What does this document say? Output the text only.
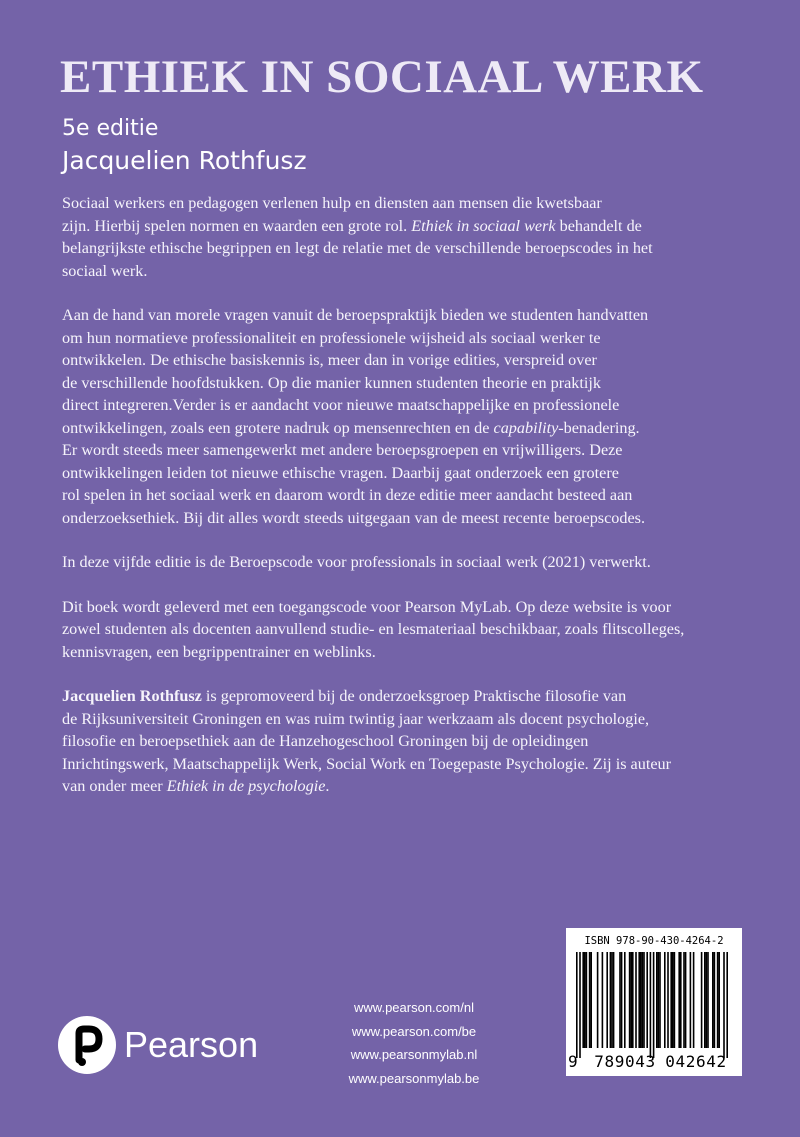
ETHIEK IN SOCIAAL WERK
5e editie
Jacquelien Rothfusz

Sociaal werkers en pedagogen verlenen hulp en diensten aan mensen die kwetsbaar
zijn. Hierbij spelen normen en waarden een grote rol. Ethiek in sociaal werk behandelt de
belangrijkste ethische begrippen en legt de relatie met de verschillende beroepscodes in het
sociaal werk.

Aan de hand van morele vragen vanuit de beroepspraktijk bieden we studenten handvatten
om hun normatieve professionaliteit en professionele wijsheid als sociaal werker te
ontwikkelen. De ethische basiskennis is, meer dan in vorige edities, verspreid over
de verschillende hoofdstukken. Op die manier kunnen studenten theorie en praktijk
direct integreren.Verder is er aandacht voor nieuwe maatschappelijke en professionele
ontwikkelingen, zoals een grotere nadruk op mensenrechten en de capability-benadering.
Er wordt steeds meer samengewerkt met andere beroepsgroepen en vrijwilligers. Deze
ontwikkelingen leiden tot nieuwe ethische vragen. Daarbij gaat onderzoek een grotere
rol spelen in het sociaal werk en daarom wordt in deze editie meer aandacht besteed aan
onderzoeksethiek. Bij dit alles wordt steeds uitgegaan van de meest recente beroepscodes.

In deze vijfde editie is de Beroepscode voor professionals in sociaal werk (2021) verwerkt.

Dit boek wordt geleverd met een toegangscode voor Pearson MyLab. Op deze website is voor
zowel studenten als docenten aanvullend studie- en lesmateriaal beschikbaar, zoals flitscolleges,
kennisvragen, een begrippentrainer en weblinks.

Jacquelien Rothfusz is gepromoveerd bij de onderzoeksgroep Praktische filosofie van
de Rijksuniversiteit Groningen en was ruim twintig jaar werkzaam als docent psychologie,
filosofie en beroepsethiek aan de Hanzehogeschool Groningen bij de opleidingen
Inrichtingswerk, Maatschappelijk Werk, Social Work en Toegepaste Psychologie. Zij is auteur
van onder meer Ethiek in de psychologie.

Pearson
www.pearson.com/nl
www.pearson.com/be
www.pearsonmylab.nl
www.pearsonmylab.be
ISBN 978-90-430-4264-2
9 789043 042642
